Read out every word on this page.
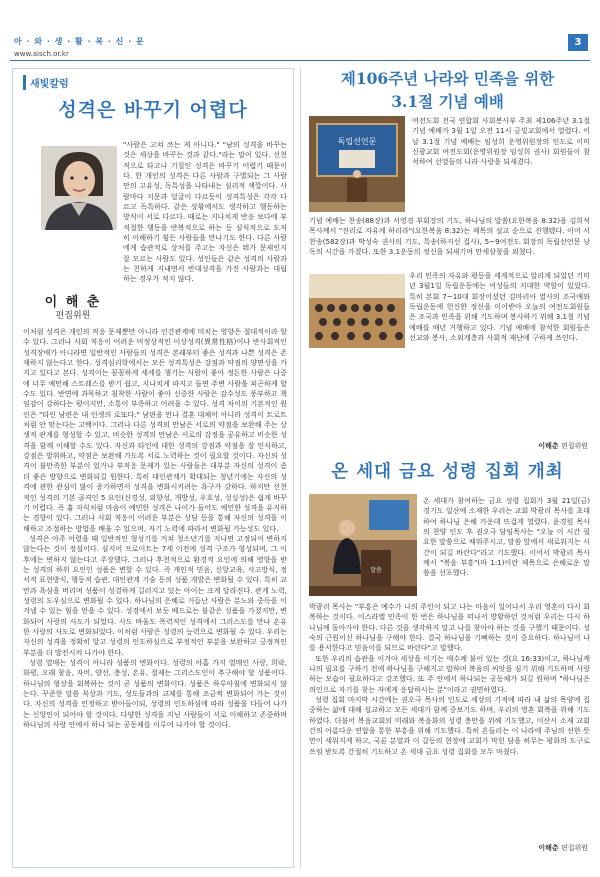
아 · 와 · 생 · 활 · 복 · 신 · 문
www.aisch.or.kr
3
새빛칼럼
성격은 바꾸기 어렵다
이 해 춘
편집위원
"사람은 고쳐 쓰는 게 아니다." "남의 성격을 바꾸는 것은 세상을 바꾸는 것과 같다."라는 말이 있다. 선천적으로 타고나 기질인 성격은 바꾸기 어렵기 때문이다. 한 개인의 성격은 다른 사람과 구별되는 그 사람만의 고유성, 독특성을 나타내는 심리적 색깔이다. 사람마다 지문과 얼굴이 다르듯이 성격특성은 각각 다르고 독특하다. 같은 상황에서도 생각하고 행동하는 방식이 서로 다르다. 때로는 지나치게 반응 보다에 부적절한 행동을 반복적으로 하는 등 심식적으로 도저히 이해하기 힘든 사람들을 만나기도 한다. 다른 사람에게 습관적로 상처를 주고는 자신은 뭐가 문제인지 잘 모르는 사람도 있다. 성인들은 같은 성격의 사람과는 친하게 지내면서 반대성격을 가진 사람과는 대립하는 경우가 적지 않다.

이처럼 성격은 개인의 적응 문제뿐만 아니라 인간관계에 미치는 영향은 절대적이라 할 수 있다. 그러나 사회 적응이 어려운 비정상적인 이상성격(異常性格)이나 반사회적인 성격장애가 아니라면 일반적인 사람들의 성격은 본래부터 좋은 성격과 나쁜 성격은 존재하지 않는다고 한다. 성격심리학에서는 모든 성격특성은 강점과 약점의 양면성을 가지고 있다고 본다. 성격이는 꼼꼼하게 세세를 챙기는 사람이 좋아 정돈한 사람은 나중에 너무 예민해 스트레스를 받기 쉽고, 지나치게 따지고 들면 주변 사람을 피곤하게 할 수도 있다. 반면에 과묵하고 침착한 사람이 좋아 신중한 사람은 감수성도 풍부하고 책임감이 강하다는 평이지만, 소통이 부족하고 어려울 수 있다. 성격 차이의 기본적인 원인은 "타인 남편은 내 인생의 로또다." 남편을 만나 결혼 대체어 아니라 성격이 트로트처럼 안 맞는다는 고백이다. 그러나 다른 성격의 만남은 서로의 약점을 보완해 주는 상생적 관계를 형성할 수 있고, 비슷한 성격의 만남은 서로의 감정을 공유하고 비슷한 성격을 함께 이해할 수도 있다. 자신과 타인에 대한 성격의 강점과 약점을 잘 인식하고, 강점은 발휘하고, 약점은 보완해 가도록 서로 노력하는 것이 필요할 것이다. 자신의 성격이 불만족한 부분이 있거나 부적응 문제가 있는 사람들은 대부분 자신의 성격이 좀 더 좋은 방향으로 변화되길 원한다. 특히 대인관계가 확대되는 청년기에는 자신의 성격에 관한 관심이 많이 증가하면서 성격을 변화시키려는 욕구가 강하다. 하지만 선천적인 성격의 기본 골격인 5 요인(신경성, 외향성, 개방성, 우호성, 성실성)은 쉽게 바꾸기 어렵다. 즉 흉 자식처럼 마음이 예민한 성격은 나이가 들어도 예민한 성격을 유지하는 경향이 있다. 그러나 사회 적응이 어려운 부분은 상담 등을 통해 자신의 성격을 이해하고 조절하는 방법을 배울 수 있으며, 자기 노력에 따라서 변화될 가능성도 있다.

성격은 아주 어렸을 때 일반적인 형성기를 거쳐 청소년기를 지나면 고정되어 변하지 않는다는 것이 정설이다. 심지어 프로이트는 7세 이전에 성격 구조가 형성되며, 그 이후에는 변하지 않는다고 주장했다. 그러나 후천적으로 환경적 요인에 의해 영향을 받는 성격의 하위 요인인 성품은 변할 수 있다. 즉 개인적 믿음, 신앙교육, 사고방식, 정서적 표현방식, 행동적 습관, 대인관계 기술 등의 성품 개발은 변화될 수 있다. 특히 교만과 욕심을 버리며 성품이 성결하게 길러지고 있는 아이는 크게 달라진다. 관계 노력, 성령의 도우심으로 변화될 수 있다. 하나님의 은혜로 거듭난 사람은 분노와 중독을 이겨낼 수 있는 힘을 얻을 수 있다. 성경에서 보듯 베드로는 불같은 성품을 가졌지만, 변화되어 사랑의 사도가 되었다. 사도 바울도 폭력적인 성격에서 그리스도를 만나 온유한 사랑의 사도로 변화되었다. 이처럼 사람은 성령의 능력으로 변화될 수 있다. 우리는 자신의 성격을 정확히 알고 성령의 인도하심으로 부정적인 부분을 보완하고 긍정적인 부분을 더 발전시켜 나가야 한다.

성령 열매는 성격이 아니라 성품의 변화이다. 성령의 아홉 가지 열매인 사랑, 희락, 화평, 오래 참음, 자비, 양선, 충성, 온유, 절제는 그리스도인이 추구해야 할 성품이다. 하나님의 형상을 회복하는 것이 곧 성품의 변화이다. 성품은 하루아침에 변화되지 않는다. 꾸준한 말씀 묵상과 기도, 성도들과의 교제를 통해 조금씩 변화되어 가는 것이다. 자신의 성격을 인정하고 받아들이되, 성령의 인도하심에 따라 성품을 다듬어 나가는 신앙인이 되어야 할 것이다. 다양한 성격을 지닌 사람들이 서로 이해하고 존중하며 하나님의 사랑 안에서 하나 되는 공동체를 이루어 나가야 할 것이다.

제106주년 나라와 민족을 위한
3.1절 기념 예배
독립선언문
여전도회 전국 연합회 사회봉사부 주최 제106주년 3.1절 기념 예배가 3월 1일 오전 11시 금빛교회에서 열렸다. 이날 3.1절 기념 예배는 임성희 운영위원장의 인도로 이미 신광교회 여전도회(운영위원장 임성희 권사) 회원들이 참석하여 선열들의 나라 사랑을 되새겼다.
기념 예배는 찬송(88장)과 서영경 부회장의 기도, 하나님의 말씀(요한복음 8:32)을 김희석 목사께서 "진리로 자유케 하리라"(요한복음 8:32)는 제목의 설교 순으로 진행됐다. 이어 서 찬송(582장)과 박성숙 권사의 기도, 특송(하지선 집사), 5~9여전도 회장의 독립선언문 낭독의 시간을 가졌다. 또한 3.1운동의 정신을 되새기며 만세삼창을 외쳤다.
우리 민족의 자유와 평등을 세계적으로 알리게 되었던 기미년 3월1일 독립운동에는 여성들의 지대한 역할이 있었다. 특히 본회 7~10대 회장이셨던 김마리아 열사의 조국애와 독립운동에 헌신한 정신을 이어받아 오늘의 여전도회원들은 조국과 민족을 위해 기도하며 봉사하기 위해 3.1절 기념 예배를 매년 거행하고 있다. 기념 예배에 참석한 회원들은 선교와 봉사, 소외계층과 사회적 재난에 구하게 쓰인다.
이해춘 편집위원
온 세대 금요 성령 집회 개최
말씀
온 세대가 참여하는 금요 성령 집회가 3월 21일(금) 경기도 일산에 소재한 우리는 교회 박광리 목사를 초대하여 하나님 은혜 가운데 뜨겁게 열렸다. 윤경원 목사의 찬양 인도 후 권오극 담임목사는 "오늘 이 시간 필요한 말씀으로 채워주시고, 말씀 앞에서 새로워지는 시간이 되길 바란다"라고 기도했다. 이어서 박광리 목사께서 "복음 부흥"(마 1:1)이란 제목으로 은혜로운 말씀을 선포했다.

박광리 목사는 "부흥은 예수가 나의 주인이 되고 나는 마음이 일어나서 우리 영혼이 다시 회복하는 것이다. 이스라엘 민족이 한 번은 하나님을 떠나서 방황하던 것처럼 우리는 다시 하나님께 돌아가야 한다. 다른 것을 생각하지 말고 나를 찾아야 하는 것을 구했기 때문이다. 성숙의 근원이신 하나님을 구해야 한다. 결국 하나님을 기뻐하는 것이 중요하다. 하나님이 나를 용서한다고 믿음이를 되므로 바란다"고 말했다.

또한 우리의 습관을 이겨야 세상을 이기는 에수께 붙어 있는 것(요 16:33)이고, 하나님께 나의 필요를 구하기 전에 하나님을 구해지고 말하며 복음의 씨앗을 심기 위해 기도하며 사랑하는 모습이 필요하다고 강조했다. 또 주 안에서 하나되는 공동체가 되길 원하며 "하나님은 의인으로 자기를 찾는 자에게 응답하시는 분"이라고 권면하였다.

성령 집회 마지막 시간에는 권오극 목사의 인도로 세상의 기적에 따라 내 삶의 목양에 집중하는 삶에 대해 설교하고 모든 세대가 함께 중보기도 하며, 우리의 영혼 회복을 위해 기도하였다. 더불어 복음교회의 미래와 복음화의 성령 충만을 위해 기도했고, 이산시 소재 교회 간의 아름다운 연합을 통한 부흥을 위해 기도했다. 특히 흔들리는 이 나라에 주님의 선한 뜻만이 세워지게 하고, 국론 분열과 이 갈등의 현장에 교회가 막힌 담을 허무는 평화의 도구로 쓰임 받도록 간절히 기도하고 온 세대 금요 성령 집회를 모두 마쳤다.

이해춘 편집위원
